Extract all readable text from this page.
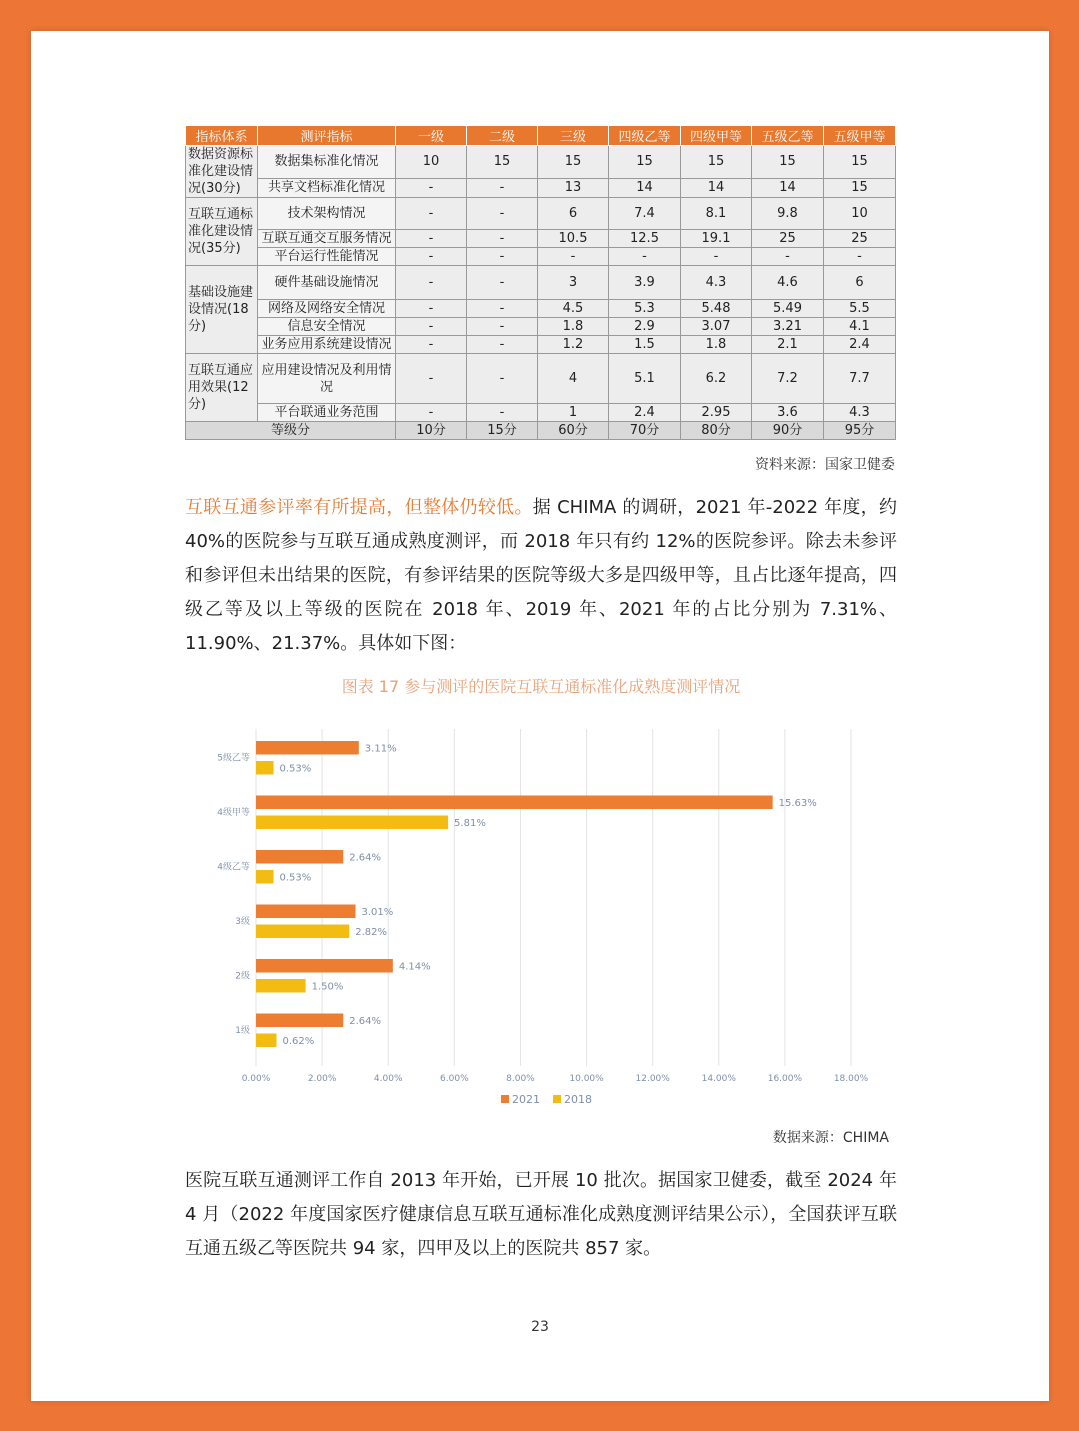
指标体系	测评指标	一级	二级	三级	四级乙等	四级甲等	五级乙等	五级甲等
数据资源标准化建设情况(30分)	数据集标准化情况	10	15	15	15	15	15	15
	共享文档标准化情况	-	-	13	14	14	14	15
互联互通标准化建设情况(35分)	技术架构情况	-	-	6	7.4	8.1	9.8	10
	互联互通交互服务情况	-	-	10.5	12.5	19.1	25	25
	平台运行性能情况	-	-	-	-	-	-	-
基础设施建设情况(18分)	硬件基础设施情况	-	-	3	3.9	4.3	4.6	6
	网络及网络安全情况	-	-	4.5	5.3	5.48	5.49	5.5
	信息安全情况	-	-	1.8	2.9	3.07	3.21	4.1
	业务应用系统建设情况	-	-	1.2	1.5	1.8	2.1	2.4
互联互通应用效果(12分)	应用建设情况及利用情况	-	-	4	5.1	6.2	7.2	7.7
	平台联通业务范围	-	-	1	2.4	2.95	3.6	4.3
等级分		10分	15分	60分	70分	80分	90分	95分
资料来源：国家卫健委
互联互通参评率有所提高，但整体仍较低。据 CHIMA 的调研，2021 年-2022 年度，约 40%的医院参与互联互通成熟度测评，而 2018 年只有约 12%的医院参评。除去未参评和参评但未出结果的医院，有参评结果的医院等级大多是四级甲等，且占比逐年提高，四级乙等及以上等级的医院在 2018 年、2019 年、2021 年的占比分别为 7.31%、11.90%、21.37%。具体如下图：
图表 17 参与测评的医院互联互通标准化成熟度测评情况
0.00%	2.00%	4.00%	6.00%	8.00%	10.00%	12.00%	14.00%	16.00%	18.00%
5级乙等
3.11%
0.53%
4级甲等
15.63%
5.81%
4级乙等
2.64%
0.53%
3级
3.01%
2.82%
2级
4.14%
1.50%
1级
2.64%
0.62%
2021 2018
数据来源：CHIMA
医院互联互通测评工作自 2013 年开始，已开展 10 批次。据国家卫健委，截至 2024 年 4 月（2022 年度国家医疗健康信息互联互通标准化成熟度测评结果公示），全国获评互联互通五级乙等医院共 94 家，四甲及以上的医院共 857 家。
23
